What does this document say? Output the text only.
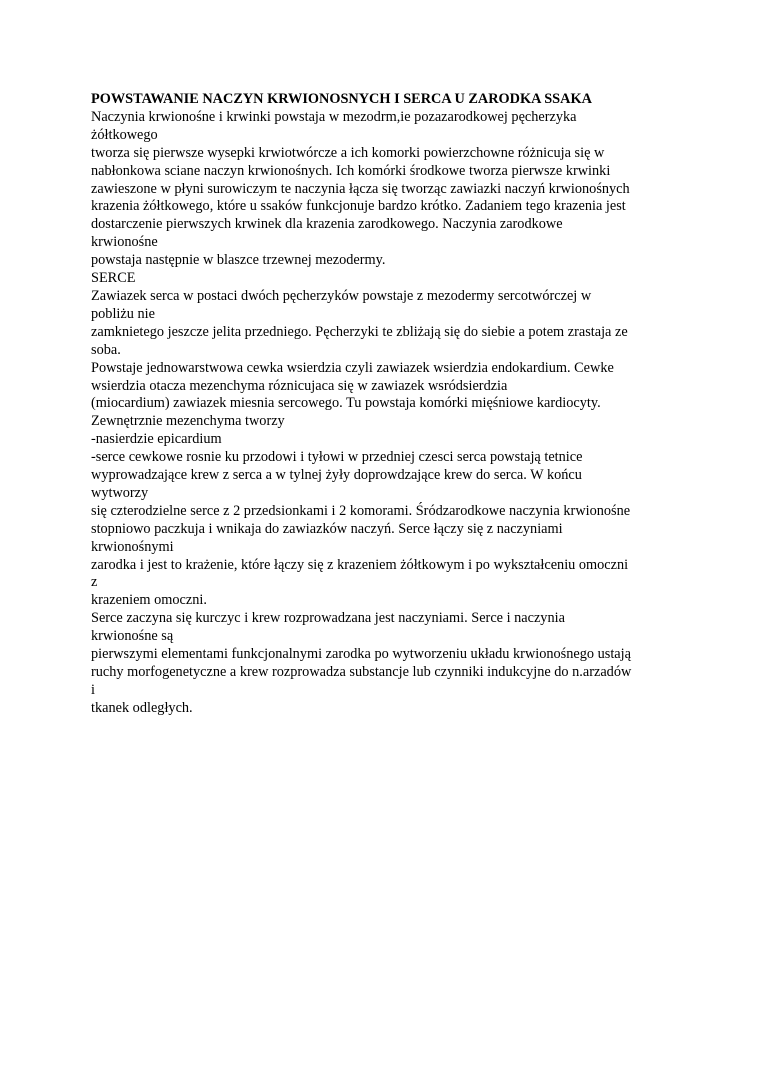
POWSTAWANIE NACZYN KRWIONOSNYCH I SERCA U ZARODKA SSAKA
Naczynia krwionośne i krwinki powstaja w mezodrm,ie pozazarodkowej pęcherzyka
żółtkowego
tworza się pierwsze wysepki krwiotwórcze a ich komorki powierzchowne różnicuja się w
nabłonkowa sciane naczyn krwionośnych. Ich komórki środkowe tworza pierwsze krwinki
zawieszone w płyni surowiczym te naczynia łącza się tworząc zawiazki naczyń krwionośnych
krazenia żółtkowego, które u ssaków funkcjonuje bardzo krótko. Zadaniem tego krazenia jest
dostarczenie pierwszych krwinek dla krazenia zarodkowego. Naczynia zarodkowe
krwionośne
powstaja następnie w blaszce trzewnej mezodermy.
SERCE
Zawiazek serca w postaci dwóch pęcherzyków powstaje z mezodermy sercotwórczej w
pobliżu nie
zamknietego jeszcze jelita przedniego. Pęcherzyki te zbliżają się do siebie a potem zrastaja ze
soba.
Powstaje jednowarstwowa cewka wsierdzia czyli zawiazek wsierdzia endokardium. Cewke
wsierdzia otacza mezenchyma róznicujaca się w zawiazek wsródsierdzia
(miocardium) zawiazek miesnia sercowego. Tu powstaja komórki mięśniowe kardiocyty.
Zewnętrznie mezenchyma tworzy
-nasierdzie epicardium
-serce cewkowe rosnie ku przodowi i tyłowi w przedniej czesci serca powstają tetnice
wyprowadzające krew z serca a w tylnej żyły doprowdzające krew do serca. W końcu
wytworzy
się czterodzielne serce z 2 przedsionkami i 2 komorami. Śródzarodkowe naczynia krwionośne
stopniowo paczkuja i wnikaja do zawiazków naczyń. Serce łączy się z naczyniami
krwionośnymi
zarodka i jest to krażenie, które łączy się z krazeniem żółtkowym i po wykształceniu omoczni
z
krazeniem omoczni.
Serce zaczyna się kurczyc i krew rozprowadzana jest naczyniami. Serce i naczynia
krwionośne są
pierwszymi elementami funkcjonalnymi zarodka po wytworzeniu układu krwionośnego ustają
ruchy morfogenetyczne a krew rozprowadza substancje lub czynniki indukcyjne do n.arzadów
i
tkanek odległych.
